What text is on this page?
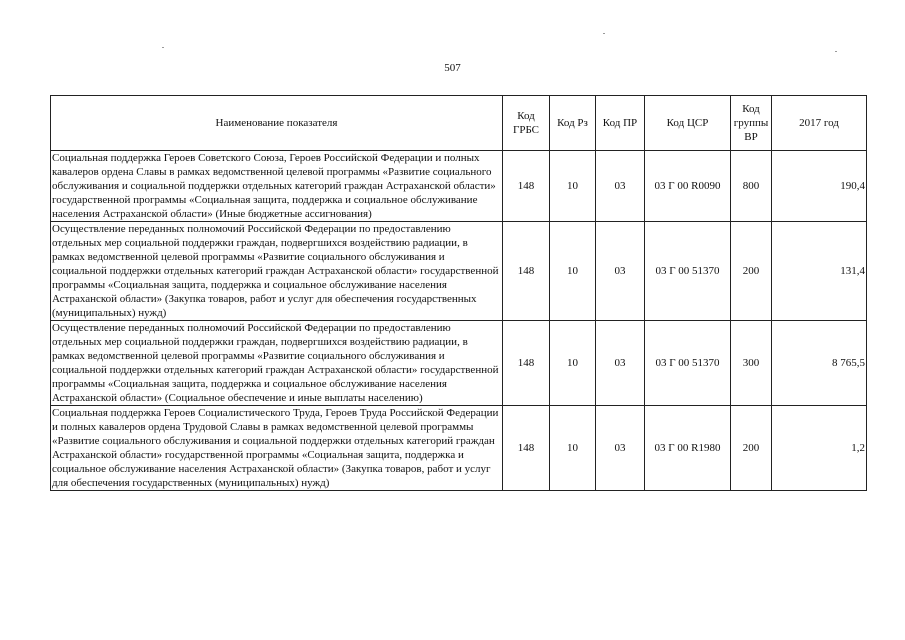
507
Наименование показателя	Код ГРБС	Код Рз	Код ПР	Код ЦСР	Код группы ВР	2017 год
Социальная поддержка Героев Советского Союза, Героев Российской Федерации и полных кавалеров ордена Славы в рамках ведомственной целевой программы «Развитие социального обслуживания и социальной поддержки отдельных категорий граждан Астраханской области» государственной программы «Социальная защита, поддержка и социальное обслуживание населения Астраханской области» (Иные бюджетные ассигнования)	148	10	03	03 Г 00 R0090	800	190,4
Осуществление переданных полномочий Российской Федерации по предоставлению отдельных мер социальной поддержки граждан, подвергшихся воздействию радиации, в рамках ведомственной целевой программы «Развитие социального обслуживания и социальной поддержки отдельных категорий граждан Астраханской области» государственной программы «Социальная защита, поддержка и социальное обслуживание населения Астраханской области» (Закупка товаров, работ и услуг для обеспечения государственных (муниципальных) нужд)	148	10	03	03 Г 00 51370	200	131,4
Осуществление переданных полномочий Российской Федерации по предоставлению отдельных мер социальной поддержки граждан, подвергшихся воздействию радиации, в рамках ведомственной целевой программы «Развитие социального обслуживания и социальной поддержки отдельных категорий граждан Астраханской области» государственной программы «Социальная защита, поддержка и социальное обслуживание населения Астраханской области» (Социальное обеспечение и иные выплаты населению)	148	10	03	03 Г 00 51370	300	8 765,5
Социальная поддержка Героев Социалистического Труда, Героев Труда Российской Федерации и полных кавалеров ордена Трудовой Славы в рамках ведомственной целевой программы «Развитие социального обслуживания и социальной поддержки отдельных категорий граждан Астраханской области» государственной программы «Социальная защита, поддержка и социальное обслуживание населения Астраханской области» (Закупка товаров, работ и услуг для обеспечения государственных (муниципальных) нужд)	148	10	03	03 Г 00 R1980	200	1,2
